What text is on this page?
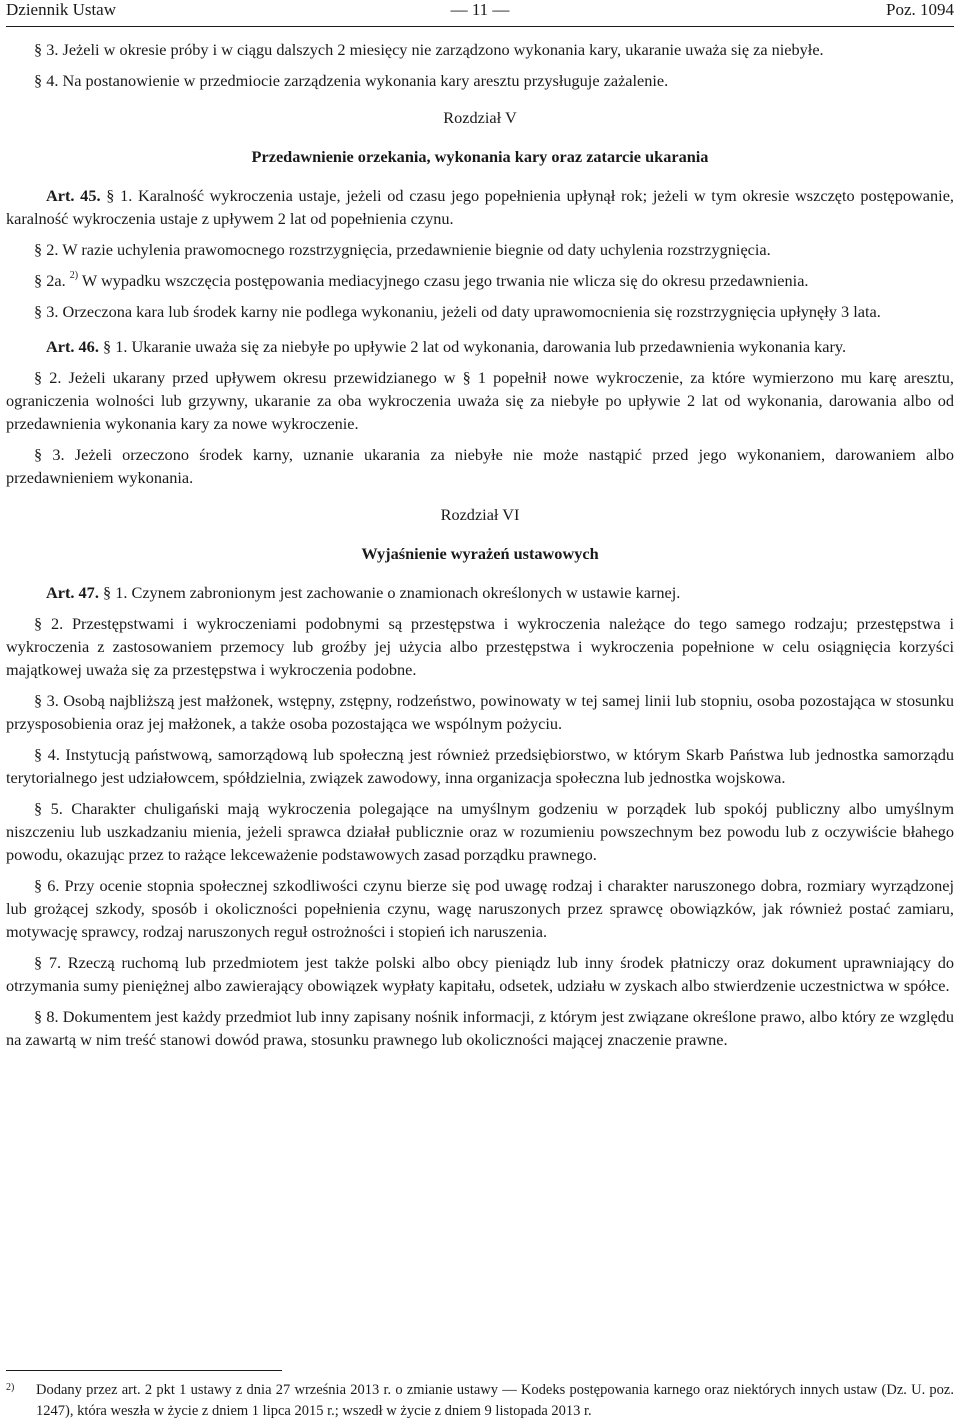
Dziennik Ustaw	— 11 —	Poz. 1094

§ 3. Jeżeli w okresie próby i w ciągu dalszych 2 miesięcy nie zarządzono wykonania kary, ukaranie uważa się za niebyłe.

§ 4. Na postanowienie w przedmiocie zarządzenia wykonania kary aresztu przysługuje zażalenie.

Rozdział V

Przedawnienie orzekania, wykonania kary oraz zatarcie ukarania

Art. 45. § 1. Karalność wykroczenia ustaje, jeżeli od czasu jego popełnienia upłynął rok; jeżeli w tym okresie wszczęto postępowanie, karalność wykroczenia ustaje z upływem 2 lat od popełnienia czynu.

§ 2. W razie uchylenia prawomocnego rozstrzygnięcia, przedawnienie biegnie od daty uchylenia rozstrzygnięcia.

§ 2a. $^{2)}$ W wypadku wszczęcia postępowania mediacyjnego czasu jego trwania nie wlicza się do okresu przedawnienia.

§ 3. Orzeczona kara lub środek karny nie podlega wykonaniu, jeżeli od daty uprawomocnienia się rozstrzygnięcia upłynęły 3 lata.

Art. 46. § 1. Ukaranie uważa się za niebyłe po upływie 2 lat od wykonania, darowania lub przedawnienia wykonania kary.

§ 2. Jeżeli ukarany przed upływem okresu przewidzianego w § 1 popełnił nowe wykroczenie, za które wymierzono mu karę aresztu, ograniczenia wolności lub grzywny, ukaranie za oba wykroczenia uważa się za niebyłe po upływie 2 lat od wykonania, darowania albo od przedawnienia wykonania kary za nowe wykroczenie.

§ 3. Jeżeli orzeczono środek karny, uznanie ukarania za niebyłe nie może nastąpić przed jego wykonaniem, darowaniem albo przedawnieniem wykonania.

Rozdział VI

Wyjaśnienie wyrażeń ustawowych

Art. 47. § 1. Czynem zabronionym jest zachowanie o znamionach określonych w ustawie karnej.

§ 2. Przestępstwami i wykroczeniami podobnymi są przestępstwa i wykroczenia należące do tego samego rodzaju; przestępstwa i wykroczenia z zastosowaniem przemocy lub groźby jej użycia albo przestępstwa i wykroczenia popełnione w celu osiągnięcia korzyści majątkowej uważa się za przestępstwa i wykroczenia podobne.

§ 3. Osobą najbliższą jest małżonek, wstępny, zstępny, rodzeństwo, powinowaty w tej samej linii lub stopniu, osoba pozostająca w stosunku przysposobienia oraz jej małżonek, a także osoba pozostająca we wspólnym pożyciu.

§ 4. Instytucją państwową, samorządową lub społeczną jest również przedsiębiorstwo, w którym Skarb Państwa lub jednostka samorządu terytorialnego jest udziałowcem, spółdzielnia, związek zawodowy, inna organizacja społeczna lub jednostka wojskowa.

§ 5. Charakter chuligański mają wykroczenia polegające na umyślnym godzeniu w porządek lub spokój publiczny albo umyślnym niszczeniu lub uszkadzaniu mienia, jeżeli sprawca działał publicznie oraz w rozumieniu powszechnym bez powodu lub z oczywiście błahego powodu, okazując przez to rażące lekceważenie podstawowych zasad porządku prawnego.

§ 6. Przy ocenie stopnia społecznej szkodliwości czynu bierze się pod uwagę rodzaj i charakter naruszonego dobra, rozmiary wyrządzonej lub grożącej szkody, sposób i okoliczności popełnienia czynu, wagę naruszonych przez sprawcę obowiązków, jak również postać zamiaru, motywację sprawcy, rodzaj naruszonych reguł ostrożności i stopień ich naruszenia.

§ 7. Rzeczą ruchomą lub przedmiotem jest także polski albo obcy pieniądz lub inny środek płatniczy oraz dokument uprawniający do otrzymania sumy pieniężnej albo zawierający obowiązek wypłaty kapitału, odsetek, udziału w zyskach albo stwierdzenie uczestnictwa w spółce.

§ 8. Dokumentem jest każdy przedmiot lub inny zapisany nośnik informacji, z którym jest związane określone prawo, albo który ze względu na zawartą w nim treść stanowi dowód prawa, stosunku prawnego lub okoliczności mającej znaczenie prawne.

2) Dodany przez art. 2 pkt 1 ustawy z dnia 27 września 2013 r. o zmianie ustawy — Kodeks postępowania karnego oraz niektórych innych ustaw (Dz. U. poz. 1247), która weszła w życie z dniem 1 lipca 2015 r.; wszedł w życie z dniem 9 listopada 2013 r.
